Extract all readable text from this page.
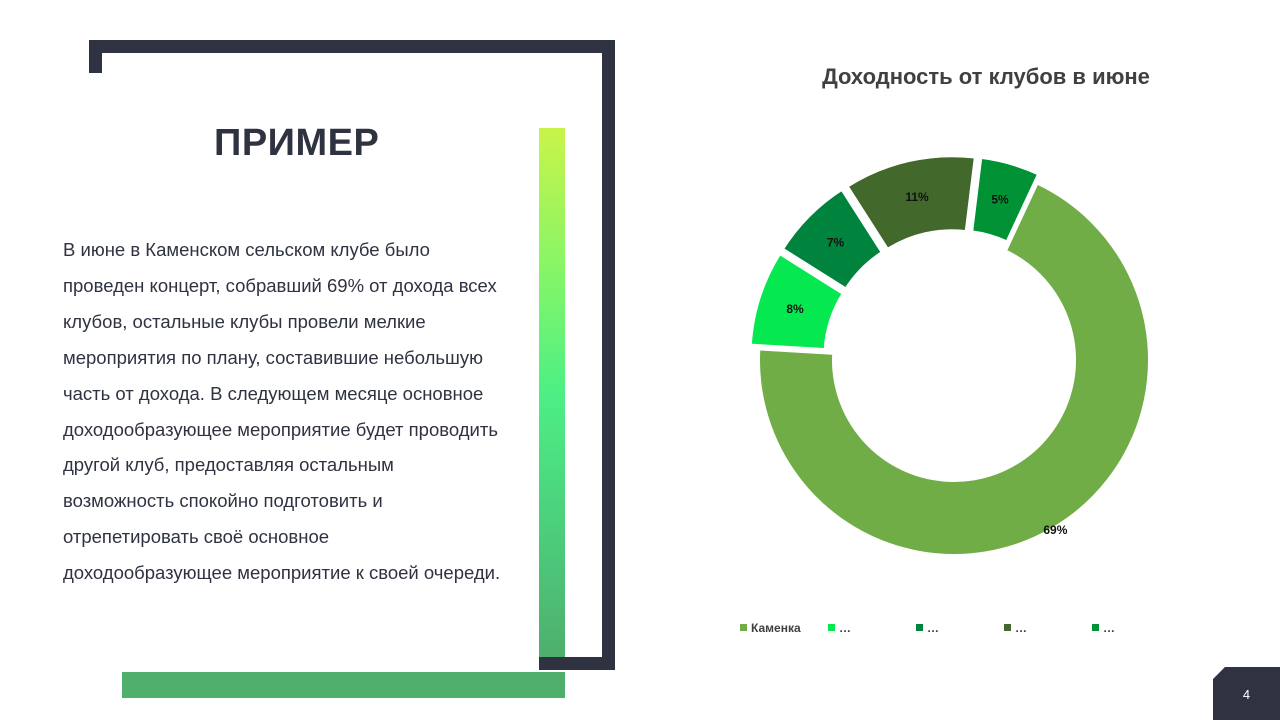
ПРИМЕР

В июне в Каменском сельском клубе было проведен концерт, собравший 69% от дохода всех клубов, остальные клубы провели мелкие мероприятия по плану, составившие небольшую часть от дохода. В следующем месяце основное доходообразующее мероприятие будет проводить другой клуб, предоставляя остальным возможность спокойно подготовить и отрепетировать своё основное доходообразующее мероприятие к своей очереди.

Доходность от клубов в июне
69%
8%
7%
11%	5%
Каменка	…	…	…	…
4
